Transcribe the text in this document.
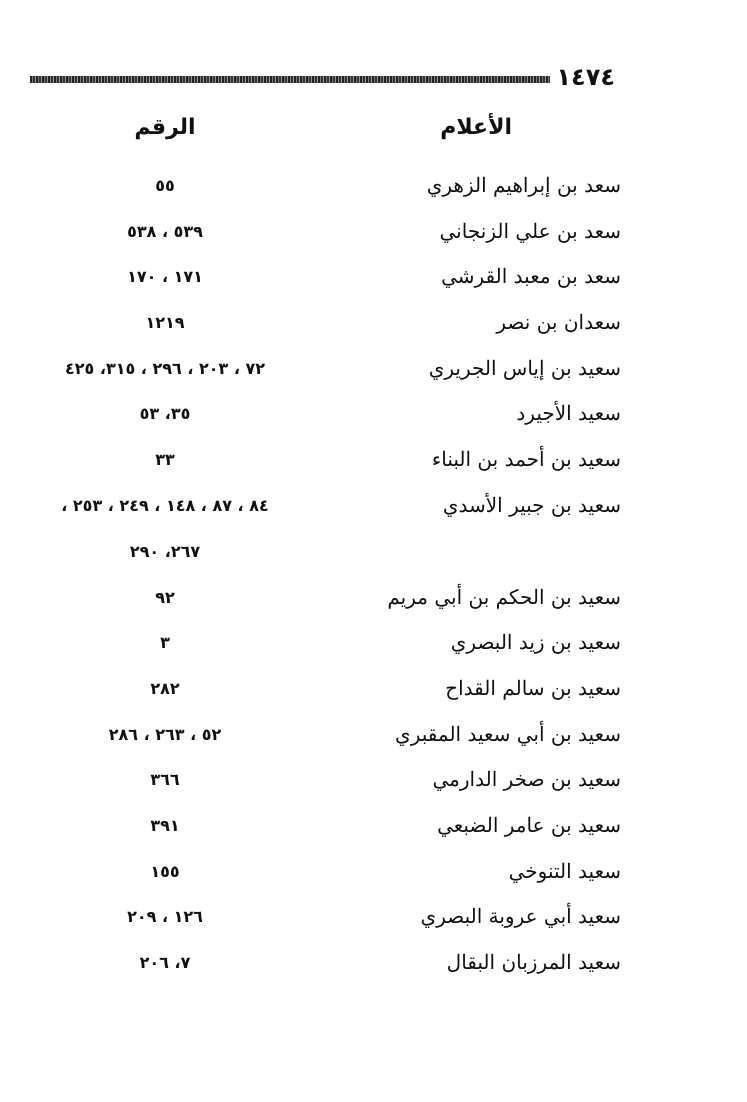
١٤٧٤
الأعلام
الرقم
سعد بن إبراهيم الزهري
٥٥
سعد بن علي الزنجاني
٥٣٩ ، ٥٣٨
سعد بن معبد القرشي
١٧١ ، ١٧٠
سعدان بن نصر
١٢١٩
سعيد بن إياس الجريري
٧٢ ، ٢٠٣ ، ٢٩٦ ، ٣١٥، ٤٢٥
سعيد الأجيرد
٣٥، ٥٣
سعيد بن أحمد بن البناء
٣٣
سعيد بن جبير الأسدي
٨٤ ، ٨٧ ، ١٤٨ ، ٢٤٩ ، ٢٥٣ ،
٢٦٧، ٢٩٠
سعيد بن الحكم بن أبي مريم
٩٢
سعيد بن زيد البصري
٣
سعيد بن سالم القداح
٢٨٢
سعيد بن أبي سعيد المقبري
٥٢ ، ٢٦٣ ، ٢٨٦
سعيد بن صخر الدارمي
٣٦٦
سعيد بن عامر الضبعي
٣٩١
سعيد التنوخي
١٥٥
سعيد أبي عروبة البصري
١٢٦ ، ٢٠٩
سعيد المرزبان البقال
٧، ٢٠٦
